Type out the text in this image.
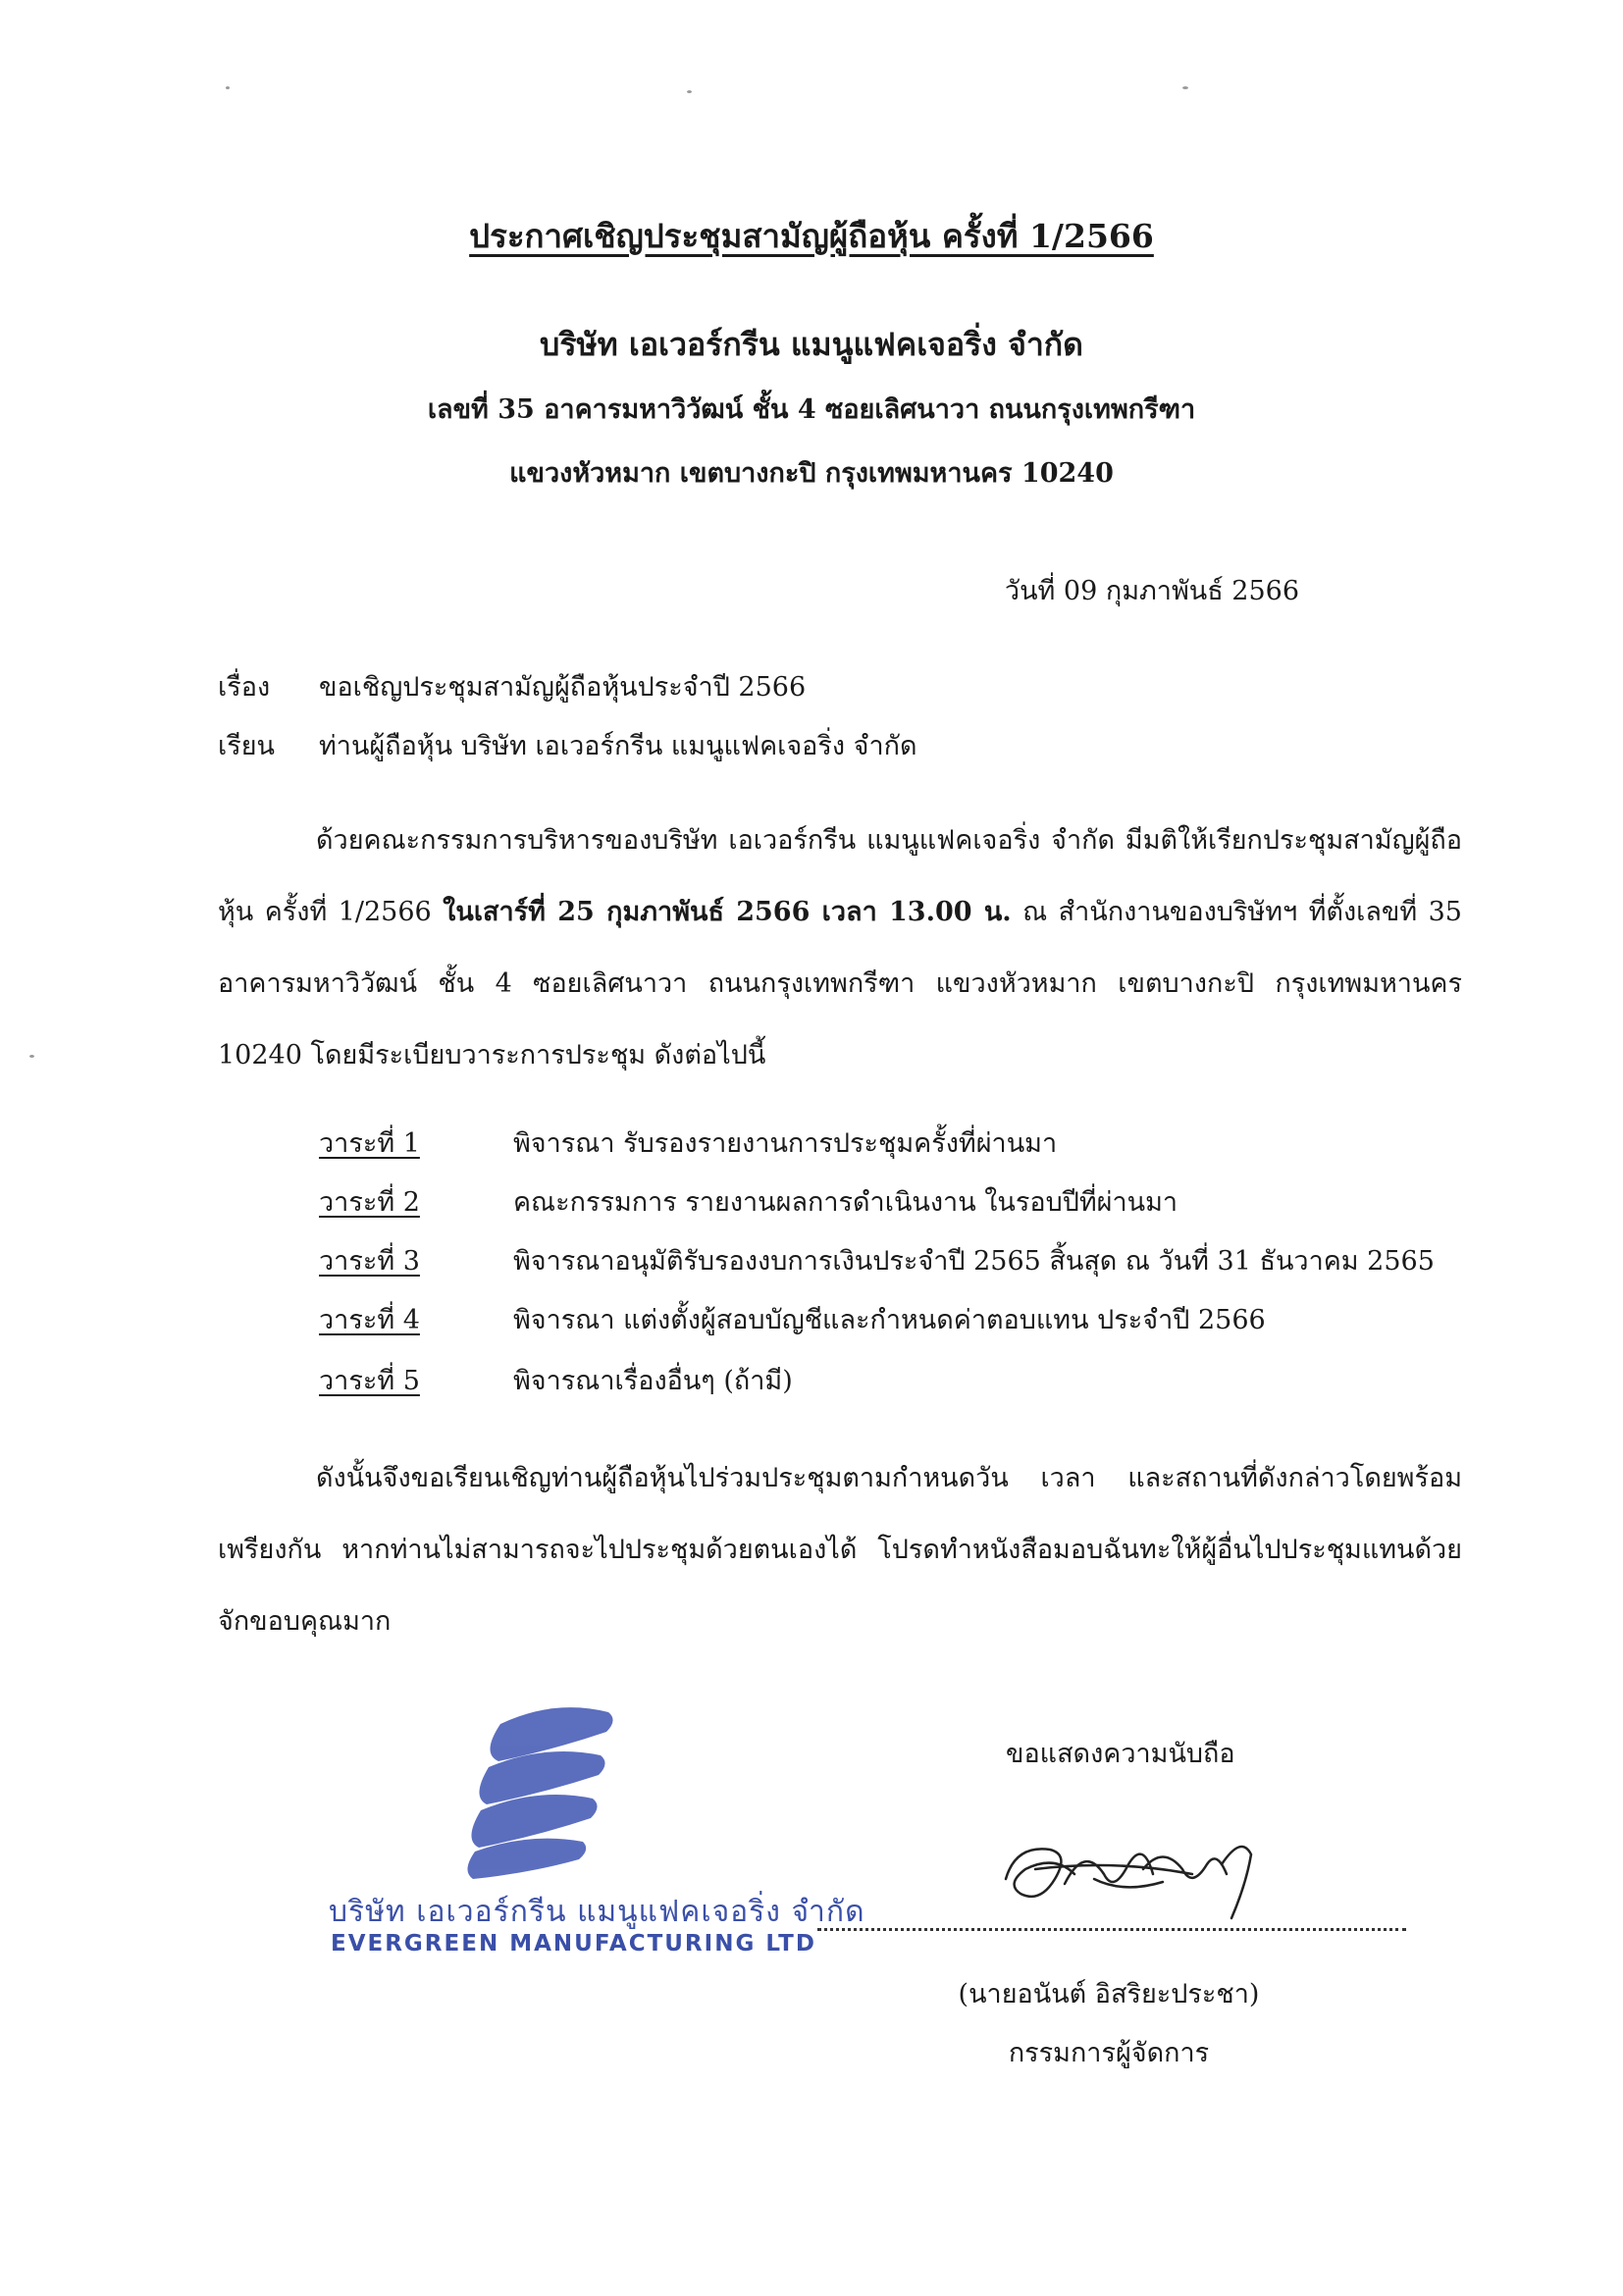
ประกาศเชิญประชุมสามัญผู้ถือหุ้น ครั้งที่ 1/2566
บริษัท เอเวอร์กรีน แมนูแฟคเจอริ่ง จำกัด
เลขที่ 35 อาคารมหาวิวัฒน์ ชั้น 4 ซอยเลิศนาวา ถนนกรุงเทพกรีฑา
แขวงหัวหมาก เขตบางกะปิ กรุงเทพมหานคร 10240
วันที่ 09 กุมภาพันธ์ 2566
เรื่อง ขอเชิญประชุมสามัญผู้ถือหุ้นประจำปี 2566
เรียน ท่านผู้ถือหุ้น บริษัท เอเวอร์กรีน แมนูแฟคเจอริ่ง จำกัด
ด้วยคณะกรรมการบริหารของบริษัท เอเวอร์กรีน แมนูแฟคเจอริ่ง จำกัด มีมติให้เรียกประชุมสามัญผู้ถือหุ้น ครั้งที่ 1/2566 ในเสาร์ที่ 25 กุมภาพันธ์ 2566 เวลา 13.00 น. ณ สำนักงานของบริษัทฯ ที่ตั้งเลขที่ 35 อาคารมหาวิวัฒน์ ชั้น 4 ซอยเลิศนาวา ถนนกรุงเทพกรีฑา แขวงหัวหมาก เขตบางกะปิ กรุงเทพมหานคร 10240 โดยมีระเบียบวาระการประชุม ดังต่อไปนี้
วาระที่ 1	พิจารณา รับรองรายงานการประชุมครั้งที่ผ่านมา
วาระที่ 2	คณะกรรมการ รายงานผลการดำเนินงาน ในรอบปีที่ผ่านมา
วาระที่ 3	พิจารณาอนุมัติรับรองงบการเงินประจำปี 2565 สิ้นสุด ณ วันที่ 31 ธันวาคม 2565
วาระที่ 4	พิจารณา แต่งตั้งผู้สอบบัญชีและกำหนดค่าตอบแทน ประจำปี 2566
วาระที่ 5	พิจารณาเรื่องอื่นๆ (ถ้ามี)
ดังนั้นจึงขอเรียนเชิญท่านผู้ถือหุ้นไปร่วมประชุมตามกำหนดวัน เวลา และสถานที่ดังกล่าวโดยพร้อมเพรียงกัน หากท่านไม่สามารถจะไปประชุมด้วยตนเองได้ โปรดทำหนังสือมอบฉันทะให้ผู้อื่นไปประชุมแทนด้วย จักขอบคุณมาก
บริษัท เอเวอร์กรีน แมนูแฟคเจอริ่ง จำกัด
EVERGREEN MANUFACTURING LTD
ขอแสดงความนับถือ
(นายอนันต์ อิสริยะประชา)
กรรมการผู้จัดการ
